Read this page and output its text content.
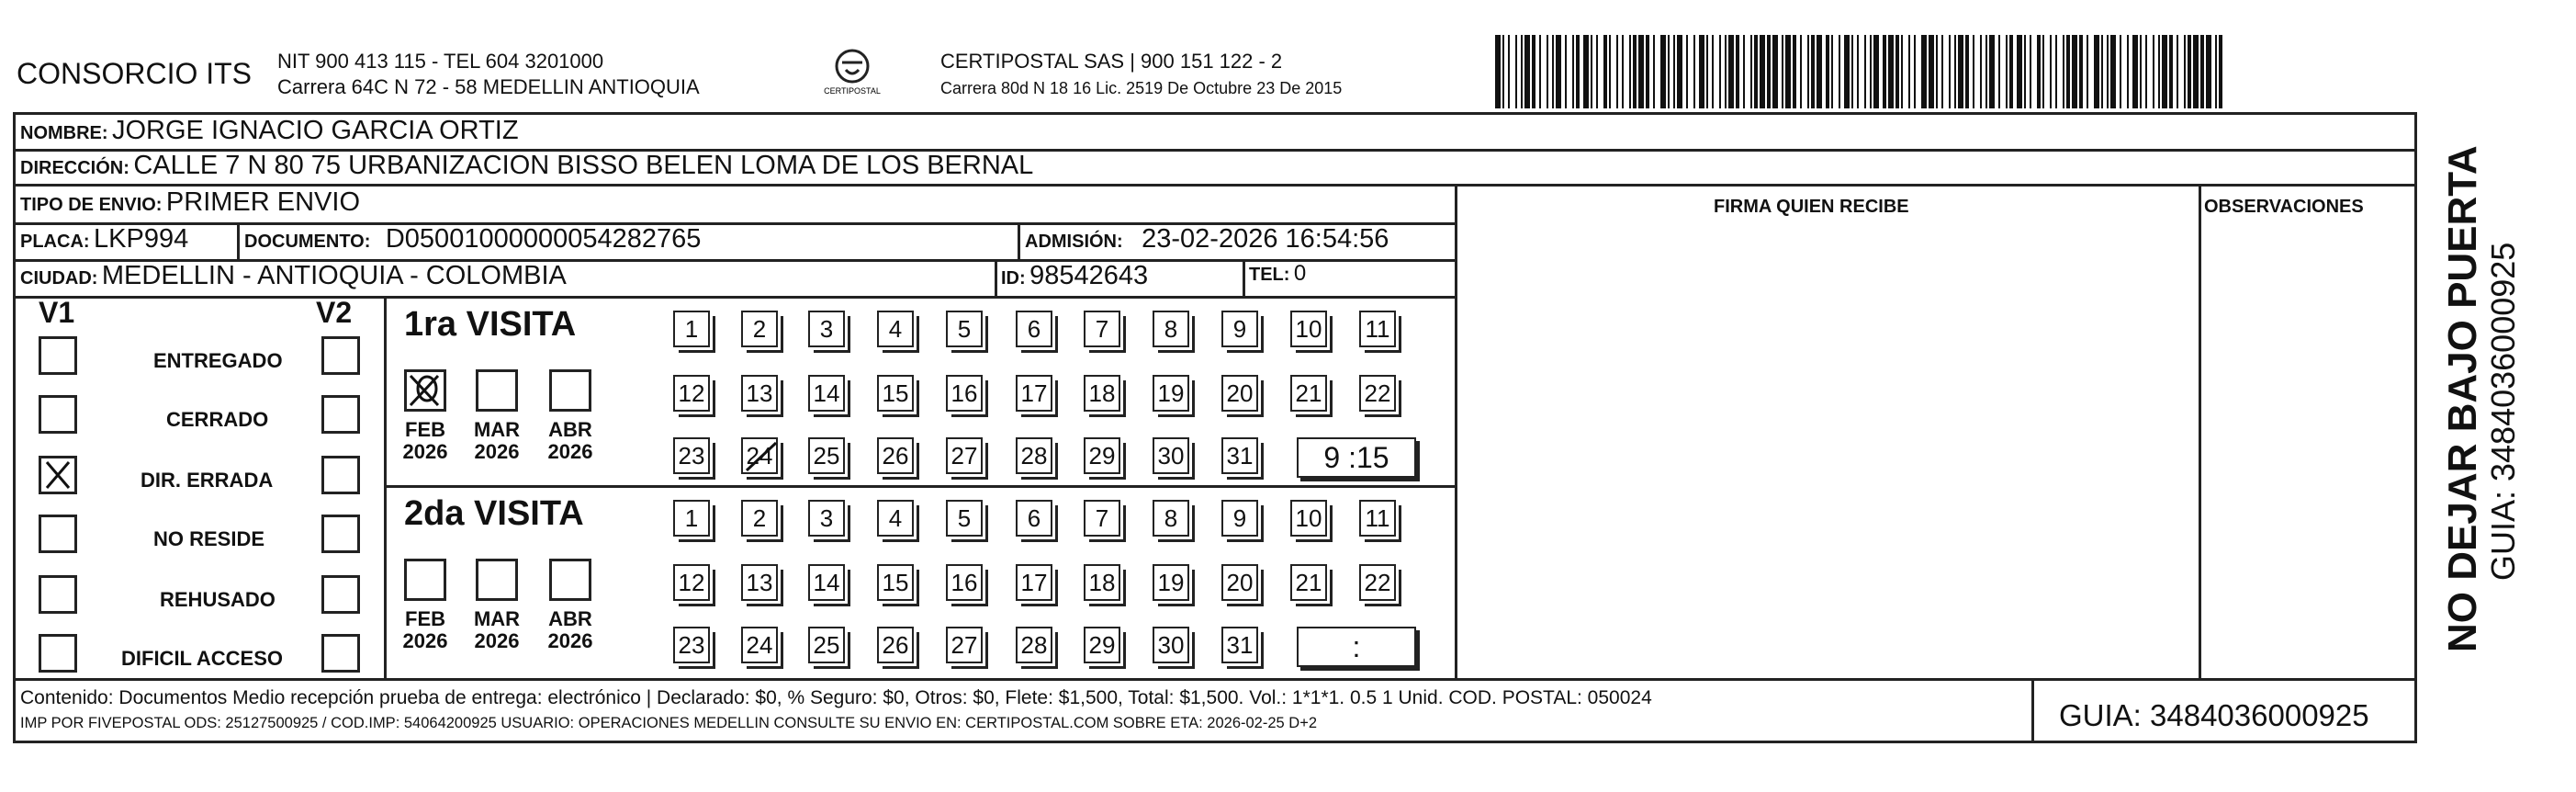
CONSORCIO ITS NIT 900 413 115 - TEL 604 3201000
Carrera 64C N 72 - 58 MEDELLIN ANTIOQUIA	CERTIPOSTAL
CERTIPOSTAL SAS | 900 151 122 - 2
Carrera 80d N 18 16 Lic. 2519 De Octubre 23 De 2015
NOMBRE: JORGE IGNACIO GARCIA ORTIZ
DIRECCIÓN: CALLE 7 N 80 75 URBANIZACION BISSO BELEN LOMA DE LOS BERNAL
TIPO DE ENVIO: PRIMER ENVIO	FIRMA QUIEN RECIBE	OBSERVACIONES
PLACA: LKP994	DOCUMENTO: D05001000000054282765	ADMISIÓN: 23-02-2026 16:54:56
CIUDAD: MEDELLIN - ANTIOQUIA - COLOMBIA	ID: 98542643	TEL: 0
V1	V2
ENTREGADO
CERRADO
DIR. ERRADA
NO RESIDE
REHUSADO
DIFICIL ACCESO
1ra VISITA
FEB
2026
MAR
2026
ABR
2026
1	2	3	4	5	6	7	8	9	10 11
12 13 14 15 16 17 18 19 20 21 22
23 24 25 26 27 28 29 30 31	9 :15
2da VISITA
FEB
2026
MAR
2026
ABR
2026
1	2	3	4	5	6	7	8	9	10 11
12 13 14 15 16 17 18 19 20 21 22
23 24 25 26 27 28 29 30 31	:
Contenido: Documentos Medio recepción prueba de entrega: electrónico | Declarado: $0, % Seguro: $0, Otros: $0, Flete: $1,500, Total: $1,500. Vol.: 1*1*1. 0.5 1 Unid. COD. POSTAL: 050024
IMP POR FIVEPOSTAL ODS: 25127500925 / COD.IMP: 54064200925 USUARIO: OPERACIONES MEDELLIN CONSULTE SU ENVIO EN: CERTIPOSTAL.COM SOBRE ETA: 2026-02-25 D+2	GUIA: 3484036000925
NO DEJAR BAJO PUERTA GUIA: 3484036000925
